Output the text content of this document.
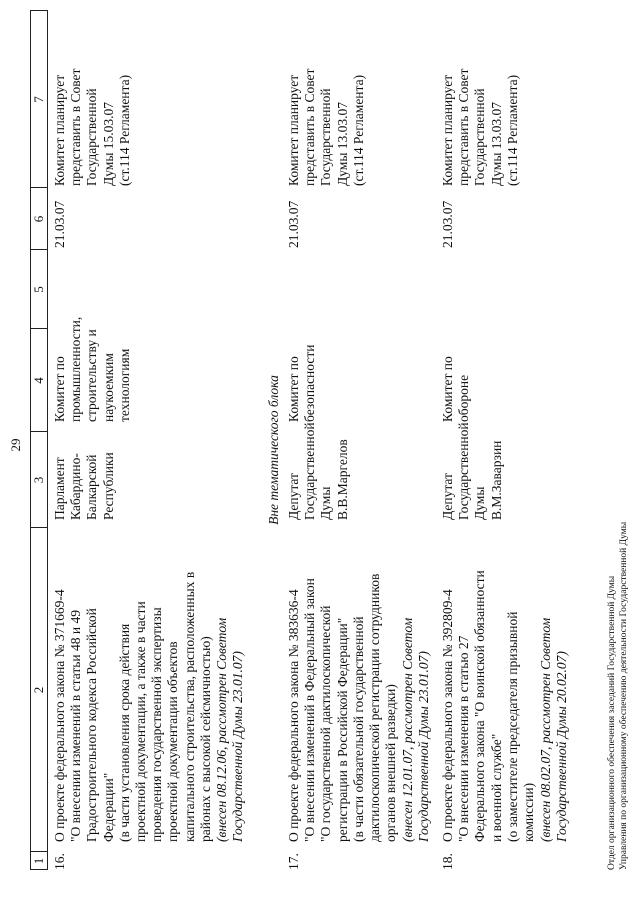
29
1
2
3
4
5
6
7
16.
О проекте федерального закона № 371669-4
"О внесении изменений в статьи 48 и 49
Градостроительного кодекса Российской
Федерации"
(в части установления срока действия
проектной документации, а также в части
проведения государственной экспертизы
проектной документации объектов
капитального строительства, расположенных в
районах с высокой сейсмичностью)
(внесен 08.12.06, рассмотрен Советом
Государственной Думы 23.01.07)
Парламент
Кабардино-
Балкарской
Республики
Комитет по
промышленности,
строительству и
наукоемким
технологиям
21.03.07
Комитет планирует
представить в Совет
Государственной
Думы 15.03.07
(ст.114 Регламента)
Вне тематического блока
17.
О проекте федерального закона № 383636-4
"О внесении изменений в Федеральный закон
"О государственной дактилоскопической
регистрации в Российской Федерации"
(в части обязательной государственной
дактилоскопической регистрации сотрудников
органов внешней разведки)
(внесен 12.01.07, рассмотрен Советом
Государственной Думы 23.01.07)
Депутат
Государственной
Думы
В.В.Маргелов
Комитет по
безопасности
21.03.07
Комитет планирует
представить в Совет
Государственной
Думы 13.03.07
(ст.114 Регламента)
18.
О проекте федерального закона № 392809-4
"О внесении изменения в статью 27
Федерального закона "О воинской обязанности
и военной службе"
(о заместителе председателя призывной
комиссии) (внесен 08.02.07, рассмотрен Советом
Государственной Думы 20.02.07)
Депутат
Государственной
Думы
В.М.Заварзин
Комитет по
обороне
21.03.07
Комитет планирует
представить в Совет
Государственной
Думы 13.03.07
(ст.114 Регламента)
Отдел организационного обеспечения заседаний Государственной Думы Управления по организационному обеспечению деятельности Государственной Думы
